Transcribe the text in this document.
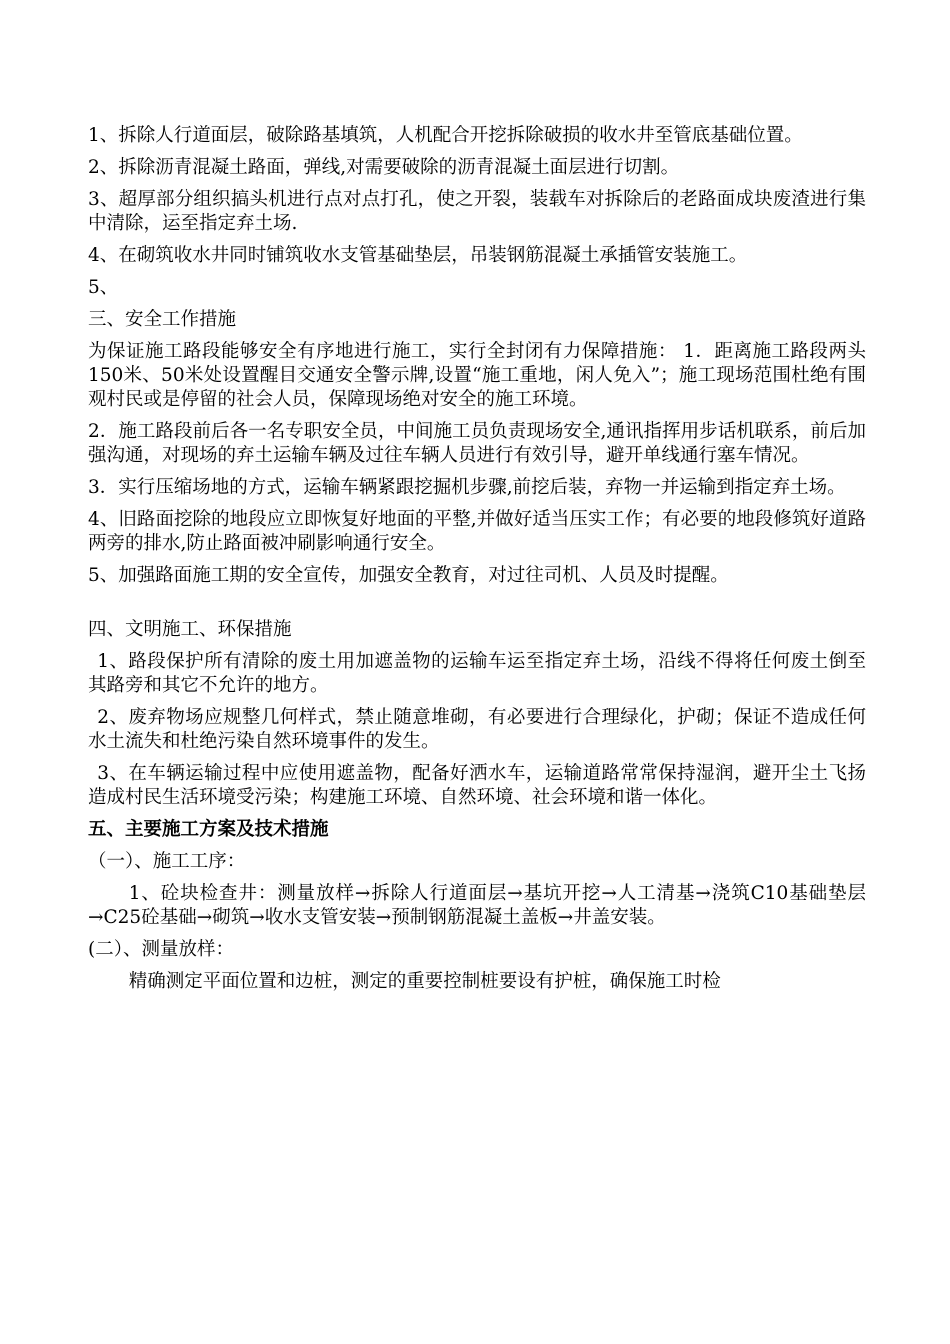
1、拆除人行道面层，破除路基填筑，人机配合开挖拆除破损的收水井至管底基础位置。

2、拆除沥青混凝土路面，弹线,对需要破除的沥青混凝土面层进行切割。

3、超厚部分组织搞头机进行点对点打孔，使之开裂，装载车对拆除后的老路面成块废渣进行集中清除，运至指定弃土场.

4、在砌筑收水井同时铺筑收水支管基础垫层，吊装钢筋混凝土承插管安装施工。

5、

三、安全工作措施

为保证施工路段能够安全有序地进行施工，实行全封闭有力保障措施： 1．距离施工路段两头150米、50米处设置醒目交通安全警示牌,设置“施工重地，闲人免入”；施工现场范围杜绝有围观村民或是停留的社会人员，保障现场绝对安全的施工环境。

2．施工路段前后各一名专职安全员，中间施工员负责现场安全,通讯指挥用步话机联系，前后加强沟通，对现场的弃土运输车辆及过往车辆人员进行有效引导，避开单线通行塞车情况。

3．实行压缩场地的方式，运输车辆紧跟挖掘机步骤,前挖后装，弃物一并运输到指定弃土场。

4、旧路面挖除的地段应立即恢复好地面的平整,并做好适当压实工作；有必要的地段修筑好道路两旁的排水,防止路面被冲刷影响通行安全。

5、加强路面施工期的安全宣传，加强安全教育，对过往司机、人员及时提醒。

四、文明施工、环保措施

1、路段保护所有清除的废土用加遮盖物的运输车运至指定弃土场，沿线不得将任何废土倒至其路旁和其它不允许的地方。

2、废弃物场应规整几何样式，禁止随意堆砌，有必要进行合理绿化，护砌；保证不造成任何水土流失和杜绝污染自然环境事件的发生。

3、在车辆运输过程中应使用遮盖物，配备好洒水车，运输道路常常保持湿润，避开尘土飞扬造成村民生活环境受污染；构建施工环境、自然环境、社会环境和谐一体化。

五、主要施工方案及技术措施

（一）、施工工序：

1、砼块检查井：测量放样→拆除人行道面层→基坑开挖→人工清基→浇筑C10基础垫层→C25砼基础→砌筑→收水支管安装→预制钢筋混凝土盖板→井盖安装。

(二）、测量放样：

精确测定平面位置和边桩，测定的重要控制桩要设有护桩，确保施工时检
